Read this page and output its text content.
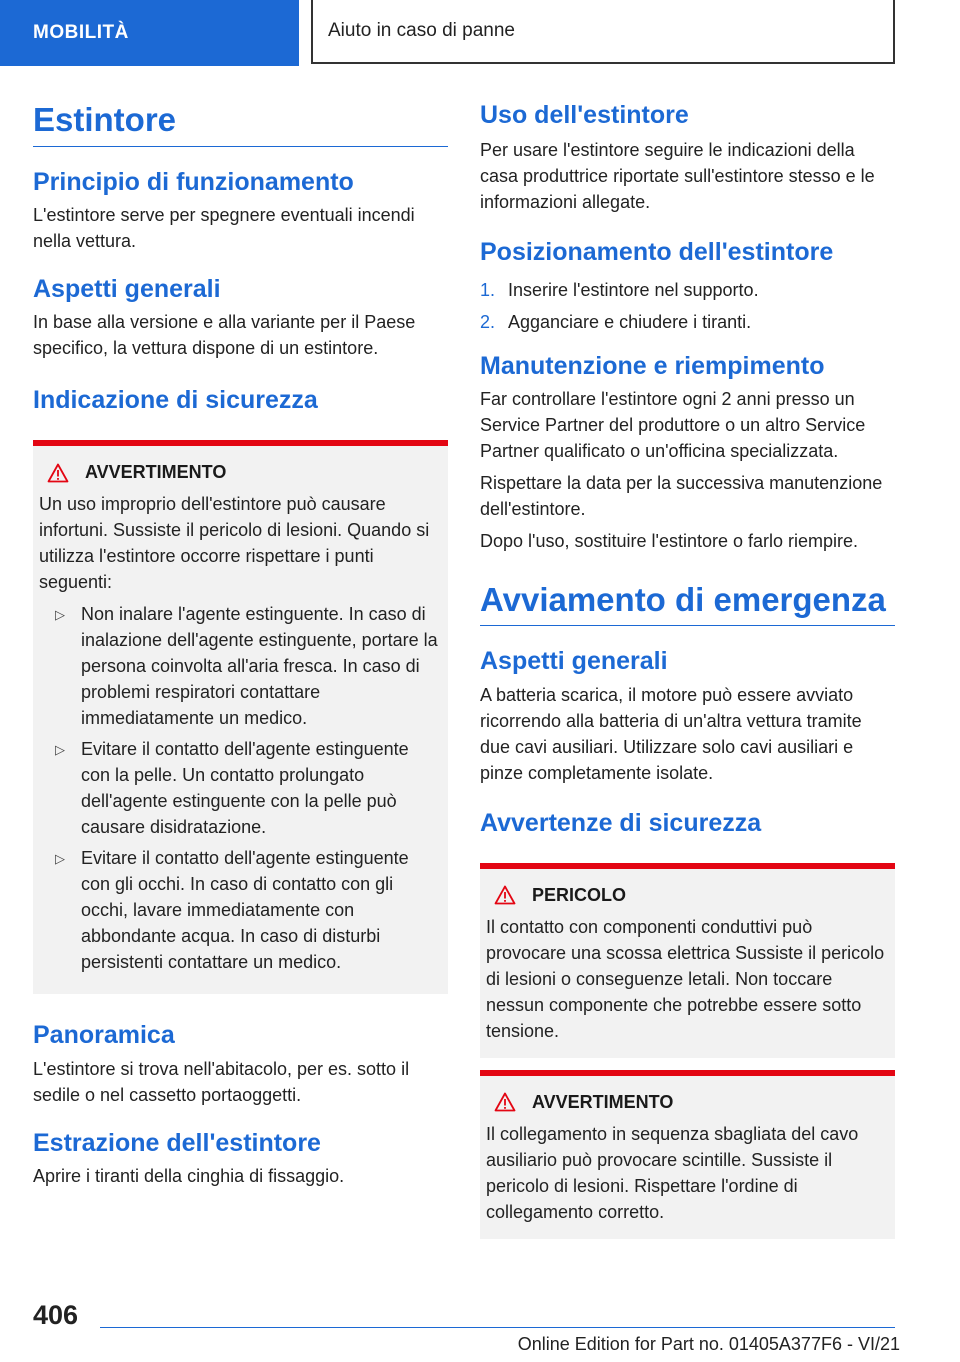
MOBILITÀ	Aiuto in caso di panne
Estintore
Principio di funzionamento

L'estintore serve per spegnere eventuali incendi nella vettura.

Aspetti generali

In base alla versione e alla variante per il Paese specifico, la vettura dispone di un estintore.

Indicazione di sicurezza
AVVERTIMENTO

Un uso improprio dell'estintore può causare infortuni. Sussiste il pericolo di lesioni. Quando si utilizza l'estintore occorre rispettare i punti seguenti:

▷ Non inalare l'agente estinguente. In caso di inalazione dell'agente estinguente, portare la persona coinvolta all'aria fresca. In caso di problemi respiratori contattare immediatamente un medico.
▷ Evitare il contatto dell'agente estinguente con la pelle. Un contatto prolungato dell'agente estinguente con la pelle può causare disidratazione.
▷ Evitare il contatto dell'agente estinguente con gli occhi. In caso di contatto con gli occhi, lavare immediatamente con abbondante acqua. In caso di disturbi persistenti contattare un medico.
Panoramica

L'estintore si trova nell'abitacolo, per es. sotto il sedile o nel cassetto portaoggetti.

Estrazione dell'estintore

Aprire i tiranti della cinghia di fissaggio.

Uso dell'estintore

Per usare l'estintore seguire le indicazioni della casa produttrice riportate sull'estintore stesso e le informazioni allegate.

Posizionamento dell'estintore
1. Inserire l'estintore nel supporto.
2. Agganciare e chiudere i tiranti.
Manutenzione e riempimento

Far controllare l'estintore ogni 2 anni presso un Service Partner del produttore o un altro Service Partner qualificato o un'officina specializzata.

Rispettare la data per la successiva manutenzione dell'estintore.

Dopo l'uso, sostituire l'estintore o farlo riempire.

Avviamento di emergenza
Aspetti generali

A batteria scarica, il motore può essere avviato ricorrendo alla batteria di un'altra vettura tramite due cavi ausiliari. Utilizzare solo cavi ausiliari e pinze completamente isolate.

Avvertenze di sicurezza
PERICOLO

Il contatto con componenti conduttivi può provocare una scossa elettrica Sussiste il pericolo di lesioni o conseguenze letali. Non toccare nessun componente che potrebbe essere sotto tensione.

AVVERTIMENTO

Il collegamento in sequenza sbagliata del cavo ausiliario può provocare scintille. Sussiste il pericolo di lesioni. Rispettare l'ordine di collegamento corretto.

406
Online Edition for Part no. 01405A377F6 - VI/21
